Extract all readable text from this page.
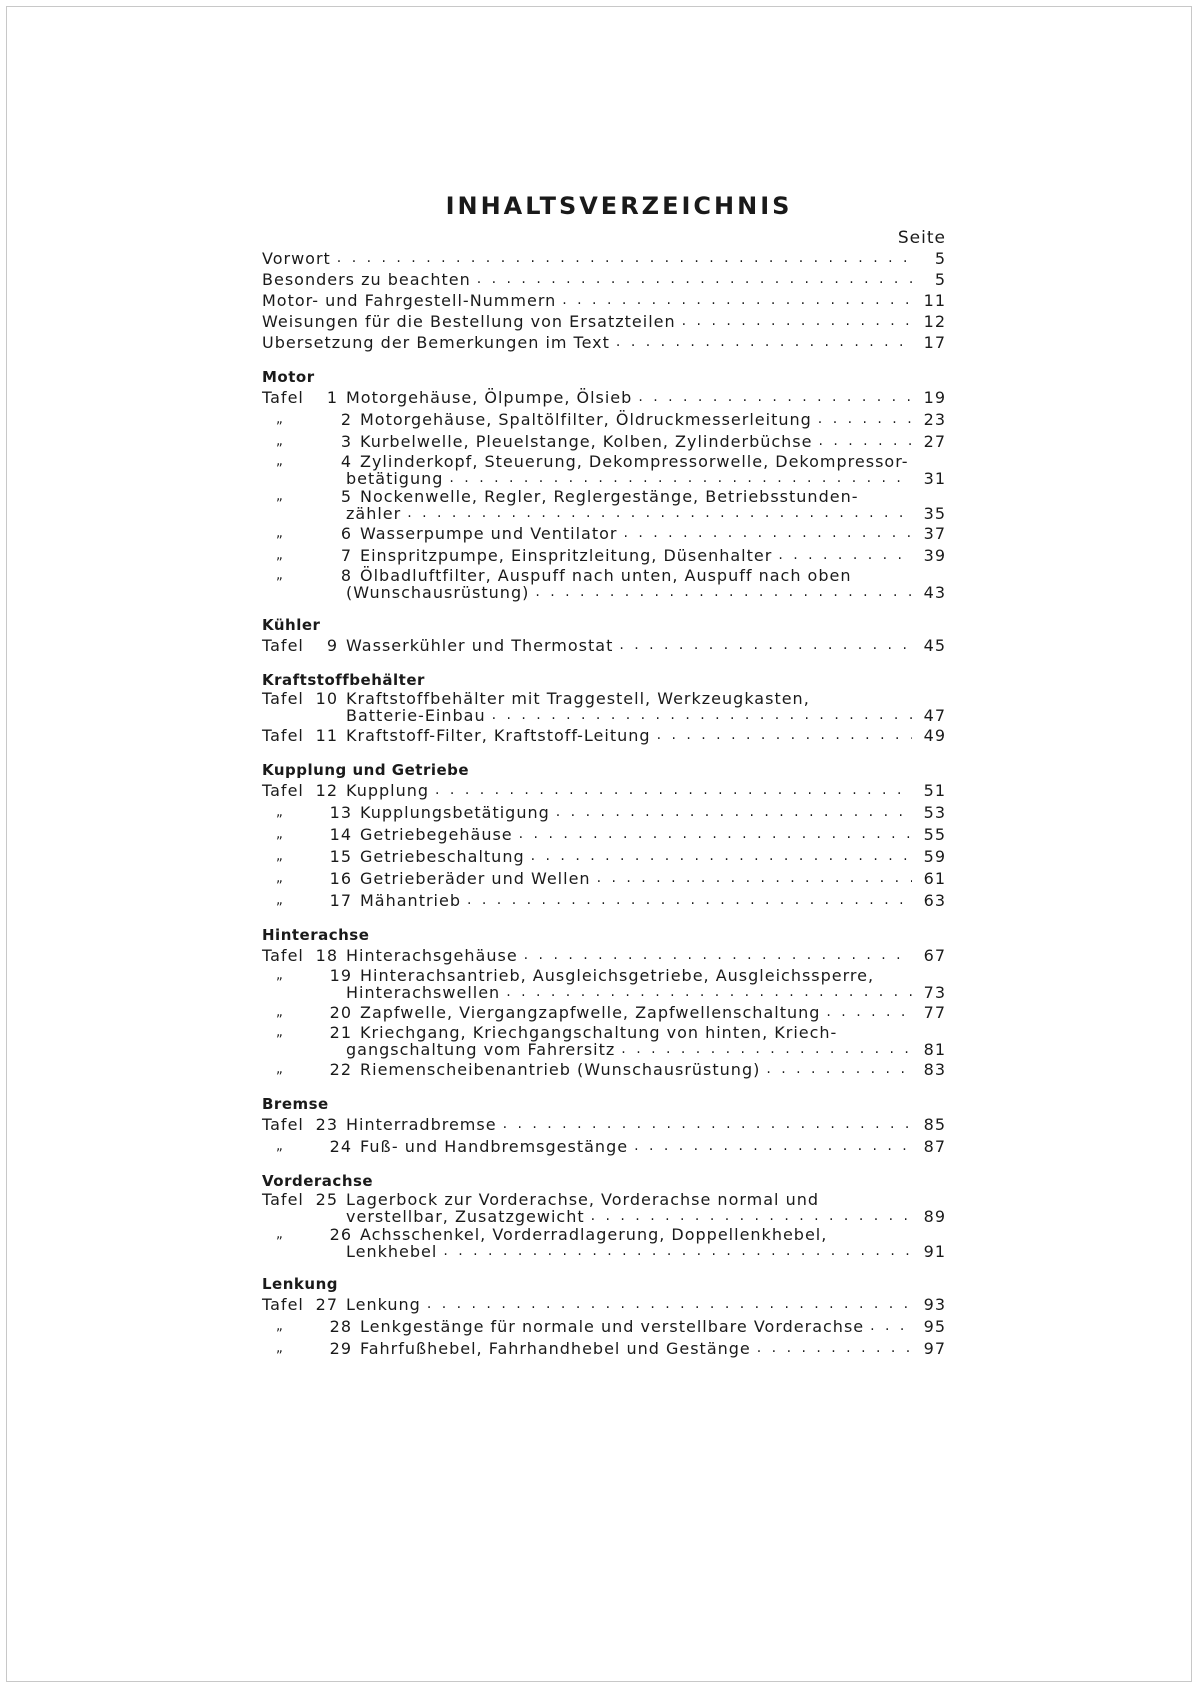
INHALTSVERZEICHNIS
Seite
Vorwort . . .	5
Besonders zu beachten . . .	5
Motor- und Fahrgestell-Nummern . . .	11
Weisungen für die Bestellung von Ersatzteilen . . .	12
Ubersetzung der Bemerkungen im Text . . .	17
Motor
Tafel	1 Motorgehäuse, Ölpumpe, Ölsieb . . .	19
„	2 Motorgehäuse, Spaltölfilter, Öldruckmesserleitung . . .	23
„	3 Kurbelwelle, Pleuelstange, Kolben, Zylinderbüchse . . .	27
„	4 Zylinderkopf, Steuerung, Dekompressorwelle, Dekompressor-
betätigung . . .	31
„	5 Nockenwelle, Regler, Reglergestänge, Betriebsstunden-
zähler . . .	35
„	6 Wasserpumpe und Ventilator . . .	37
„	7 Einspritzpumpe, Einspritzleitung, Düsenhalter . . .	39
„	8 Ölbadluftfilter, Auspuff nach unten, Auspuff nach oben
(Wunschausrüstung) . . .	43
Kühler
Tafel	9 Wasserkühler und Thermostat . . .	45
Kraftstoffbehälter
Tafel 10 Kraftstoffbehälter mit Traggestell, Werkzeugkasten,
Batterie-Einbau . . .	47
Tafel 11 Kraftstoff-Filter, Kraftstoff-Leitung . . .	49
Kupplung und Getriebe
Tafel 12 Kupplung . . .	51
„	13 Kupplungsbetätigung . . .	53
„	14 Getriebegehäuse . . .	55
„	15 Getriebeschaltung . . .	59
„	16 Getrieberäder und Wellen . . .	61
„	17 Mähantrieb . . .	63
Hinterachse
Tafel 18 Hinterachsgehäuse . . .	67
„	19 Hinterachsantrieb, Ausgleichsgetriebe, Ausgleichssperre,
Hinterachswellen . . .	73
„	20 Zapfwelle, Viergangzapfwelle, Zapfwellenschaltung . . .	77
„	21 Kriechgang, Kriechgangschaltung von hinten, Kriech-
gangschaltung vom Fahrersitz . . .	81
„	22 Riemenscheibenantrieb (Wunschausrüstung) . . .	83
Bremse
Tafel 23 Hinterradbremse . . .	85
„	24 Fuß- und Handbremsgestänge . . .	87
Vorderachse
Tafel 25 Lagerbock zur Vorderachse, Vorderachse normal und
verstellbar, Zusatzgewicht . . .	89
„	26 Achsschenkel, Vorderradlagerung, Doppellenkhebel,
Lenkhebel . . .	91
Lenkung
Tafel 27 Lenkung . . .	93
„	28 Lenkgestänge für normale und verstellbare Vorderachse . . .	95
„	29 Fahrfußhebel, Fahrhandhebel und Gestänge . . .	97
